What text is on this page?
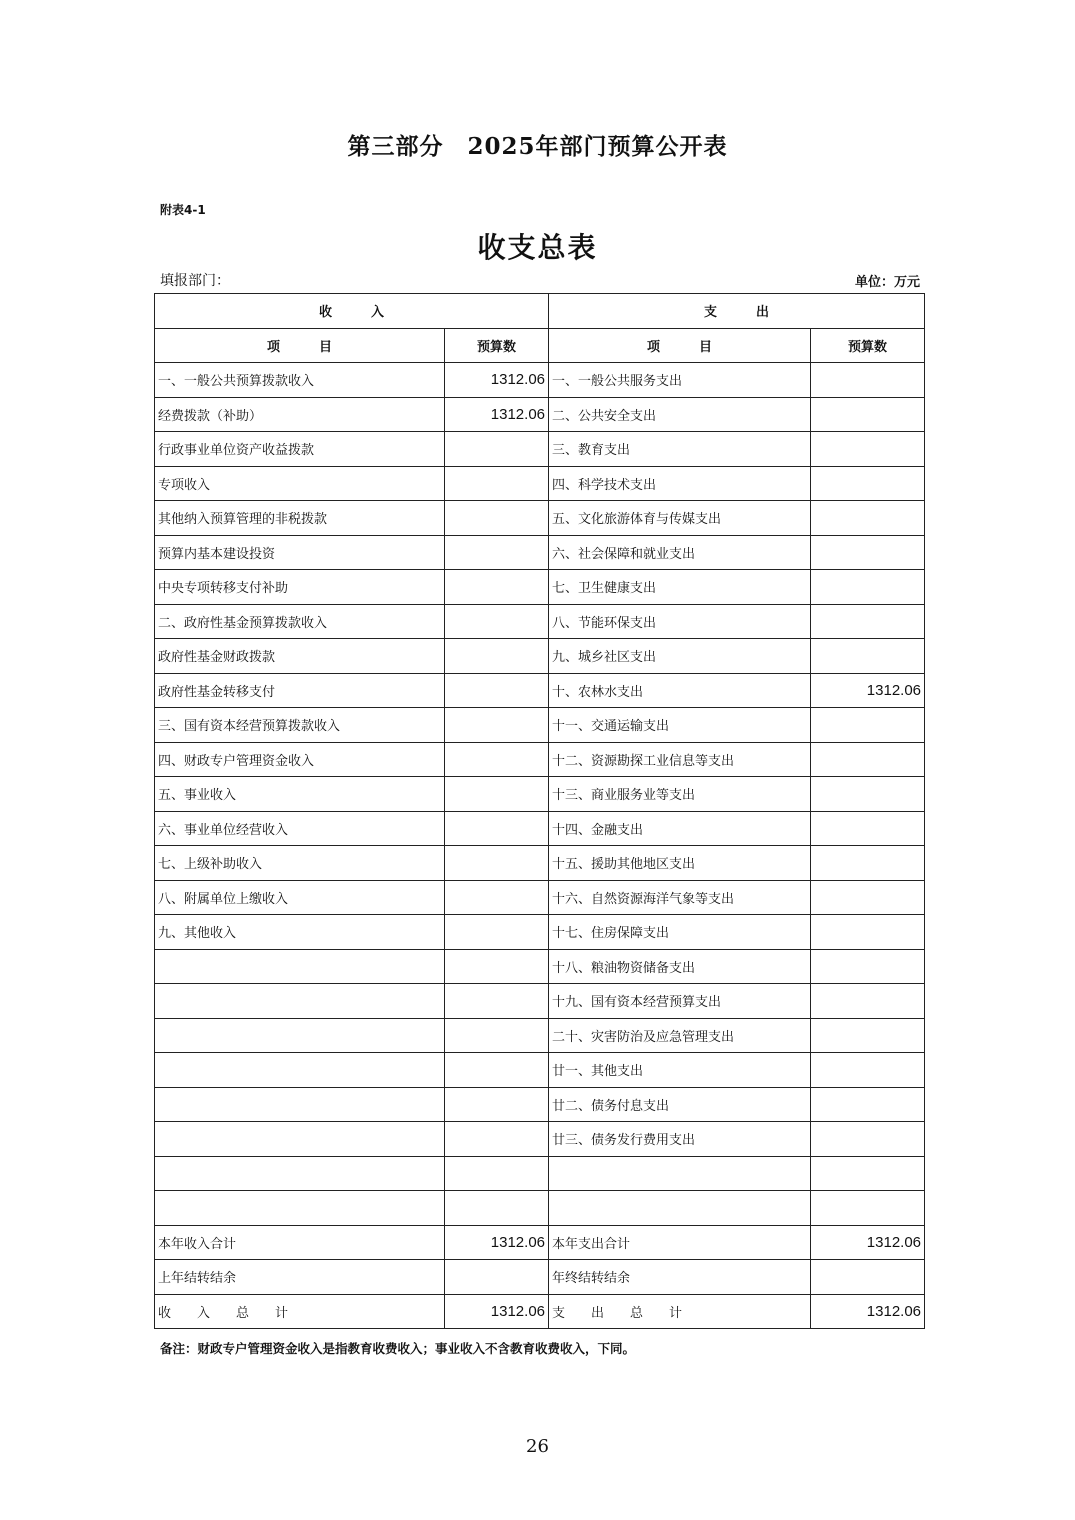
第三部分　2025年部门预算公开表
附表4-1
收支总表
填报部门：	单位：万元
收　　　入		支　　　出	
项　　　目	预算数	项　　　目	预算数
一、一般公共预算拨款收入	1312.06	一、一般公共服务支出	
经费拨款（补助）	1312.06	二、公共安全支出	
行政事业单位资产收益拨款		三、教育支出	
专项收入		四、科学技术支出	
其他纳入预算管理的非税拨款		五、文化旅游体育与传媒支出	
预算内基本建设投资		六、社会保障和就业支出	
中央专项转移支付补助		七、卫生健康支出	
二、政府性基金预算拨款收入		八、节能环保支出	
政府性基金财政拨款		九、城乡社区支出	
政府性基金转移支付		十、农林水支出	1312.06
三、国有资本经营预算拨款收入		十一、交通运输支出	
四、财政专户管理资金收入		十二、资源勘探工业信息等支出	
五、事业收入		十三、商业服务业等支出	
六、事业单位经营收入		十四、金融支出	
七、上级补助收入		十五、援助其他地区支出	
八、附属单位上缴收入		十六、自然资源海洋气象等支出	
九、其他收入		十七、住房保障支出	
		十八、粮油物资储备支出	
		十九、国有资本经营预算支出	
		二十、灾害防治及应急管理支出	
		廿一、其他支出	
		廿二、债务付息支出	
		廿三、债务发行费用支出	

本年收入合计	1312.06	本年支出合计	1312.06
上年结转结余		年终结转结余	
收　　入　　总　　计	1312.06	支　　出　　总　　计	1312.06
备注：财政专户管理资金收入是指教育收费收入；事业收入不含教育收费收入，下同。
26
